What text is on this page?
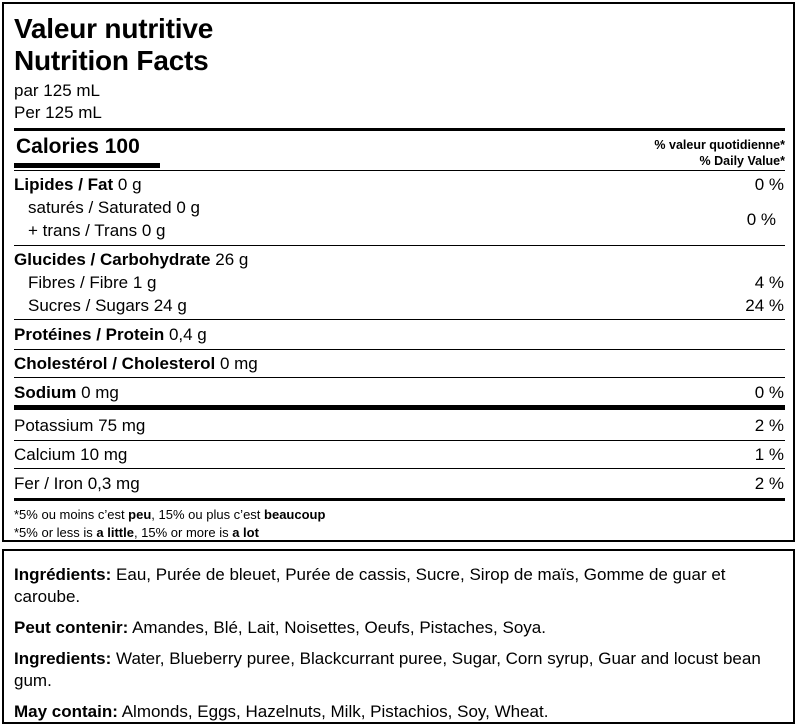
Valeur nutritive
Nutrition Facts
par 125 mL
Per 125 mL
Calories 100	% valeur quotidienne*
% Daily Value*
Lipides / Fat 0 g	0 %
saturés / Saturated 0 g
+ trans / Trans 0 g
0 %
Glucides / Carbohydrate 26 g
Fibres / Fibre 1 g	4 %
Sucres / Sugars 24 g	24 %
Protéines / Protein 0,4 g
Cholestérol / Cholesterol 0 mg
Sodium 0 mg	0 %
Potassium 75 mg	2 %
Calcium 10 mg	1 %
Fer / Iron 0,3 mg	2 %
*5% ou moins c’est peu, 15% ou plus c’est beaucoup
*5% or less is a little, 15% or more is a lot
Ingrédients: Eau, Purée de bleuet, Purée de cassis, Sucre, Sirop de maïs, Gomme de guar et caroube.
Peut contenir: Amandes, Blé, Lait, Noisettes, Oeufs, Pistaches, Soya.
Ingredients: Water, Blueberry puree, Blackcurrant puree, Sugar, Corn syrup, Guar and locust bean gum.
May contain: Almonds, Eggs, Hazelnuts, Milk, Pistachios, Soy, Wheat.
